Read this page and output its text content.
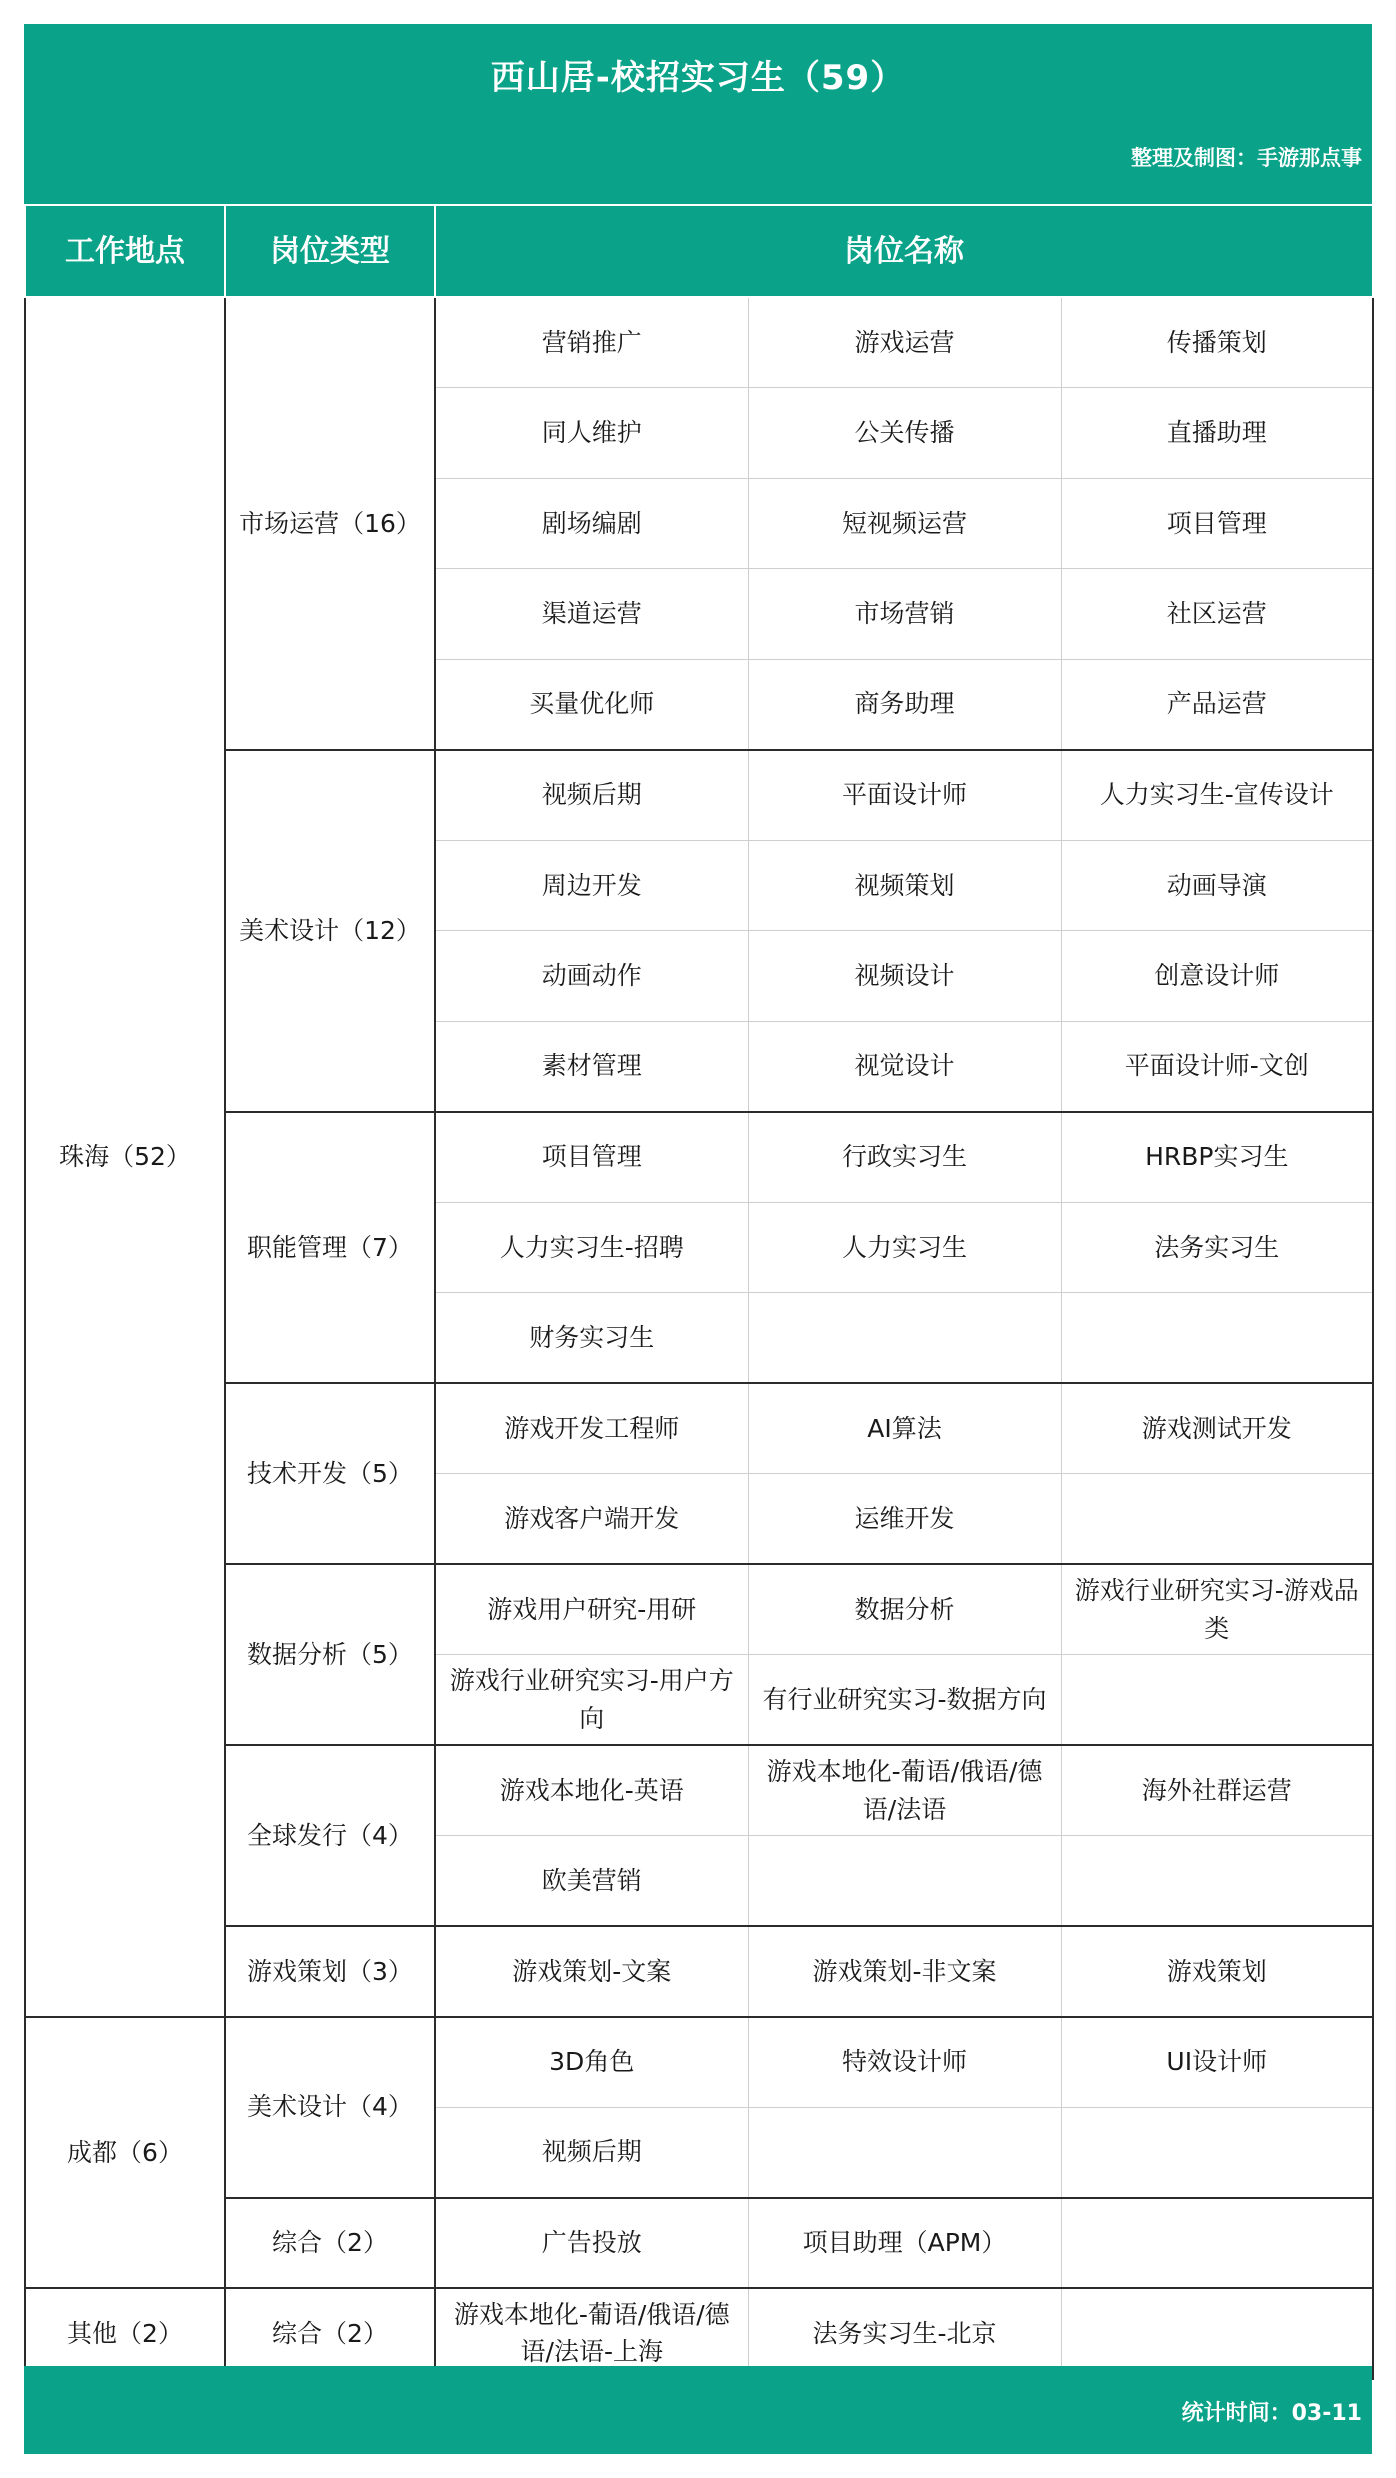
西山居-校招实习生（59）
整理及制图：手游那点事
工作地点	岗位类型	岗位名称		
珠海（52）	市场运营（16）	营销推广	游戏运营	传播策划
		同人维护	公关传播	直播助理
		剧场编剧	短视频运营	项目管理
		渠道运营	市场营销	社区运营
		买量优化师	商务助理	产品运营
	美术设计（12）	视频后期	平面设计师	人力实习生-宣传设计
		周边开发	视频策划	动画导演
		动画动作	视频设计	创意设计师
		素材管理	视觉设计	平面设计师-文创
	职能管理（7）	项目管理	行政实习生	HRBP实习生
		人力实习生-招聘	人力实习生	法务实习生
		财务实习生		
	技术开发（5）	游戏开发工程师	AI算法	游戏测试开发
		游戏客户端开发	运维开发	
	数据分析（5）	游戏用户研究-用研	数据分析	游戏行业研究实习-游戏品类
		游戏行业研究实习-用户方向	有行业研究实习-数据方向	
	全球发行（4）	游戏本地化-英语	游戏本地化-葡语/俄语/德语/法语	海外社群运营
		欧美营销		
	游戏策划（3）	游戏策划-文案	游戏策划-非文案	游戏策划
成都（6）	美术设计（4）	3D角色	特效设计师	UI设计师
		视频后期		
	综合（2）	广告投放	项目助理（APM）	
其他（2）	综合（2）	游戏本地化-葡语/俄语/德语/法语-上海	法务实习生-北京	
统计时间：03-11
